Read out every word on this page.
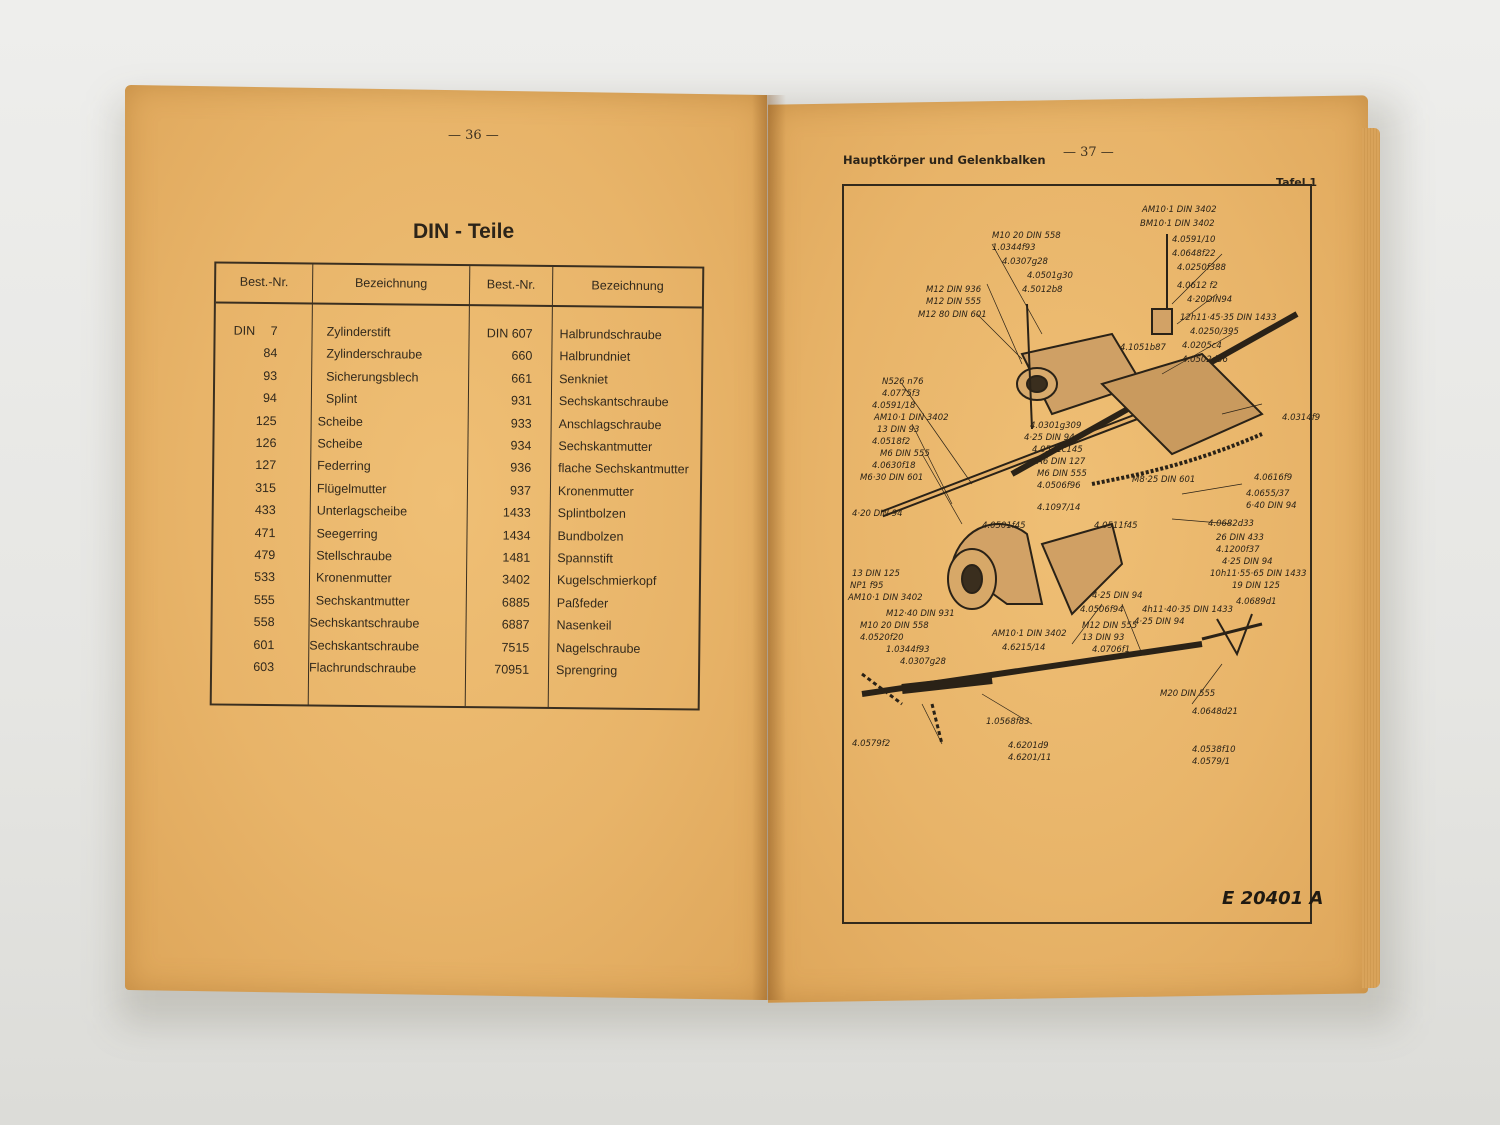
— 36 —
DIN - Teile
Best.-Nr.	Bezeichnung	Best.-Nr.	Bezeichnung
DIN	7	Zylinderstift	DIN 607 Halbrundschraube
84	Zylinderschraube	660 Halbrundniet
93	Sicherungsblech	661 Senkniet
94	Splint	931 Sechskantschraube
125	Scheibe	933 Anschlagschraube
126	Scheibe	934 Sechskantmutter
127	Federring	936 flache Sechskantmutter
315	Flügelmutter	937 Kronenmutter
433	Unterlagscheibe	1433 Splintbolzen
471	Seegerring	1434 Bundbolzen
479	Stellschraube	1481 Spannstift
533	Kronenmutter	3402 Kugelschmierkopf
555	Sechskantmutter	6885 Paßfeder
558	Sechskantschraube	6887 Nasenkeil
601	Sechskantschraube	7515 Nagelschraube
603	Flachrundschraube	70951 Sprengring
— 37 —
Hauptkörper und Gelenkbalken
Tafel 1
AM10·1 DIN 3402
BM10·1 DIN 3402
4.0591/10
4.0648f22
4.0250f388
4.0612 f2
4·20DIN94
12h11·45·35 DIN 1433
4.0250/395
4.0205c4
4.0502d36
4.1051b87
M10 20 DIN 558
1.0344f93
4.0307g28
4.0501g30
4.5012b8
M12 DIN 936
M12 DIN 555
M12 80 DIN 601
N526 n76
4.0775f3
4.0591/18
AM10·1 DIN 3402
13 DIN 93
4.0518f2
M6 DIN 555
4.0630f18
M6·30 DIN 601
4.0301g309
4·25 DIN 94
4.0571c145
A6 DIN 127
M6 DIN 555
4.0506f96
4.0314f9
4.0616f9
M8·25 DIN 601
4.0655/37
6·40 DIN 94
4·20 DIN 94
4.0501f45
4.1097/14
4.0511f45	4.0682d33
26 DIN 433
4.1200f37
4·25 DIN 94
10h11·55·65 DIN 1433
19 DIN 125
13 DIN 125
NP1 f95
AM10·1 DIN 3402	4·25 DIN 94
4.0689d1
4.0506f94 4h11·40·35 DIN 1433
4·25 DIN 94
M12·40 DIN 931
M10 20 DIN 558
4.0520f20
1.0344f93
4.0307g28
AM10·1 DIN 3402
4.6215/14
M12 DIN 555
13 DIN 93
4.0706f1
M20 DIN 555
4.0648d21
1.0568f83
4.6201d9
4.6201/11
4.0579f2
4.0538f10
4.0579/1
E 20401 A
